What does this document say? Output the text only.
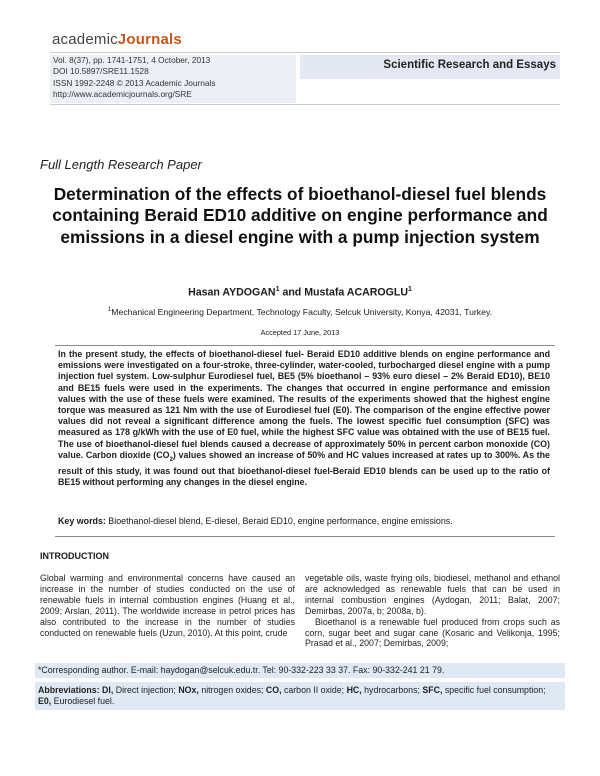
academicJournals
Vol. 8(37), pp. 1741-1751, 4 October, 2013
DOI 10.5897/SRE11.1528
ISSN 1992-2248 © 2013 Academic Journals
http://www.academicjournals.org/SRE
Scientific Research and Essays
Full Length Research Paper
Determination of the effects of bioethanol-diesel fuel blends containing Beraid ED10 additive on engine performance and emissions in a diesel engine with a pump injection system
Hasan AYDOGAN$^1$ and Mustafa ACAROGLU$^1$
$^1$Mechanical Engineering Department, Technology Faculty, Selcuk University, Konya, 42031, Turkey.
Accepted 17 June, 2013
In the present study, the effects of bioethanol-diesel fuel- Beraid ED10 additive blends on engine performance and emissions were investigated on a four-stroke, three-cylinder, water-cooled, turbocharged diesel engine with a pump injection fuel system. Low-sulphur Eurodiesel fuel, BE5 (5% bioethanol – 93% euro diesel – 2% Beraid ED10), BE10 and BE15 fuels were used in the experiments. The changes that occurred in engine performance and emission values with the use of these fuels were examined. The results of the experiments showed that the highest engine torque was measured as 121 Nm with the use of Eurodiesel fuel (E0). The comparison of the engine effective power values did not reveal a significant difference among the fuels. The lowest specific fuel consumption (SFC) was measured as 178 g/kWh with the use of E0 fuel, while the highest SFC value was obtained with the use of BE15 fuel. The use of bioethanol-diesel fuel blends caused a decrease of approximately 50% in percent carbon monoxide (CO) value. Carbon dioxide $(CO_2)$ values showed an increase of 50% and HC values increased at rates up to 300%. As the result of this study, it was found out that bioethanol-diesel fuel-Beraid ED10 blends can be used up to the ratio of BE15 without performing any changes in the diesel engine.
Key words: Bioethanol-diesel blend, E-diesel, Beraid ED10, engine performance, engine emissions.
INTRODUCTION
Global warming and environmental concerns have caused an increase in the number of studies conducted on the use of renewable fuels in internal combustion engines (Huang et al., 2009; Arslan, 2011). The worldwide increase in petrol prices has also contributed to the increase in the number of studies conducted on renewable fuels (Uzun, 2010). At this point, crude

vegetable oils, waste frying oils, biodiesel, methanol and ethanol are acknowledged as renewable fuels that can be used in internal combustion engines (Aydogan, 2011; Balat, 2007; Demirbas, 2007a, b; 2008a, b).

Bioethanol is a renewable fuel produced from crops such as corn, sugar beet and sugar cane (Kosaric and Velikonja, 1995; Prasad et al., 2007; Demirbas, 2009;

*Corresponding author. E-mail: haydogan@selcuk.edu.tr. Tel: 90-332-223 33 37. Fax: 90-332-241 21 79.
Abbreviations: DI, Direct injection; NOx, nitrogen oxides; CO, carbon II oxide; HC, hydrocarbons; SFC, specific fuel consumption; E0, Eurodiesel fuel.
